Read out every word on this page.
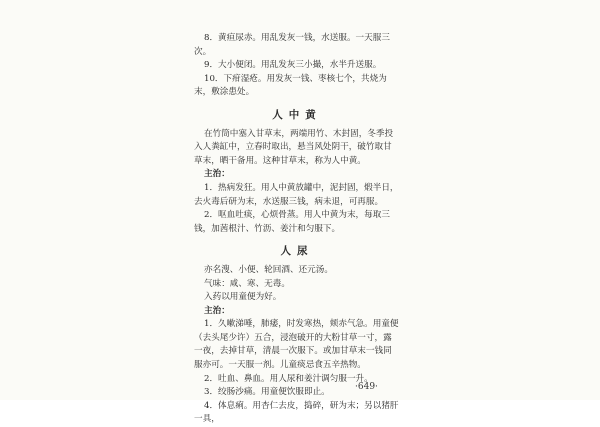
8．黄疸尿赤。用乱发灰一钱，水送服。一天服三次。

9．大小便闭。用乱发灰三小撮，水半升送服。

10．下疳湿疮。用发灰一钱、枣核七个，共烧为末，敷涂患处。

人中黄

在竹筒中塞入甘草末，两端用竹、木封固，冬季投入人粪缸中，立春时取出，悬当风处阴干，破竹取甘草末，晒干备用。这种甘草末，称为人中黄。

主治：

1．热病发狂。用人中黄放罐中，泥封固，煅半日，去火毒后研为末，水送服三钱，病未退，可再服。

2．呕血吐痰，心烦骨蒸。用人中黄为末，每取三钱，加茜根汁、竹沥、姜汁和匀服下。

人尿

亦名溲、小便、轮回酒、还元汤。

气味：咸、寒、无毒。

入药以用童便为好。

主治：

1．久嗽涕唾，肺痿，时发寒热，颊赤气急。用童便（去头尾少许）五合，浸泡破开的大粉甘草一寸，露一夜，去掉甘草，清晨一次服下。或加甘草末一钱同服亦可。一天服一剂。儿童痰忌食五辛热物。

2．吐血、鼻血。用人尿和姜汁调匀服一升。

3．绞肠沙痛。用童便饮服即止。

4．体息痢。用杏仁去皮，捣碎，研为末；另以猪肝一具，

·649·
